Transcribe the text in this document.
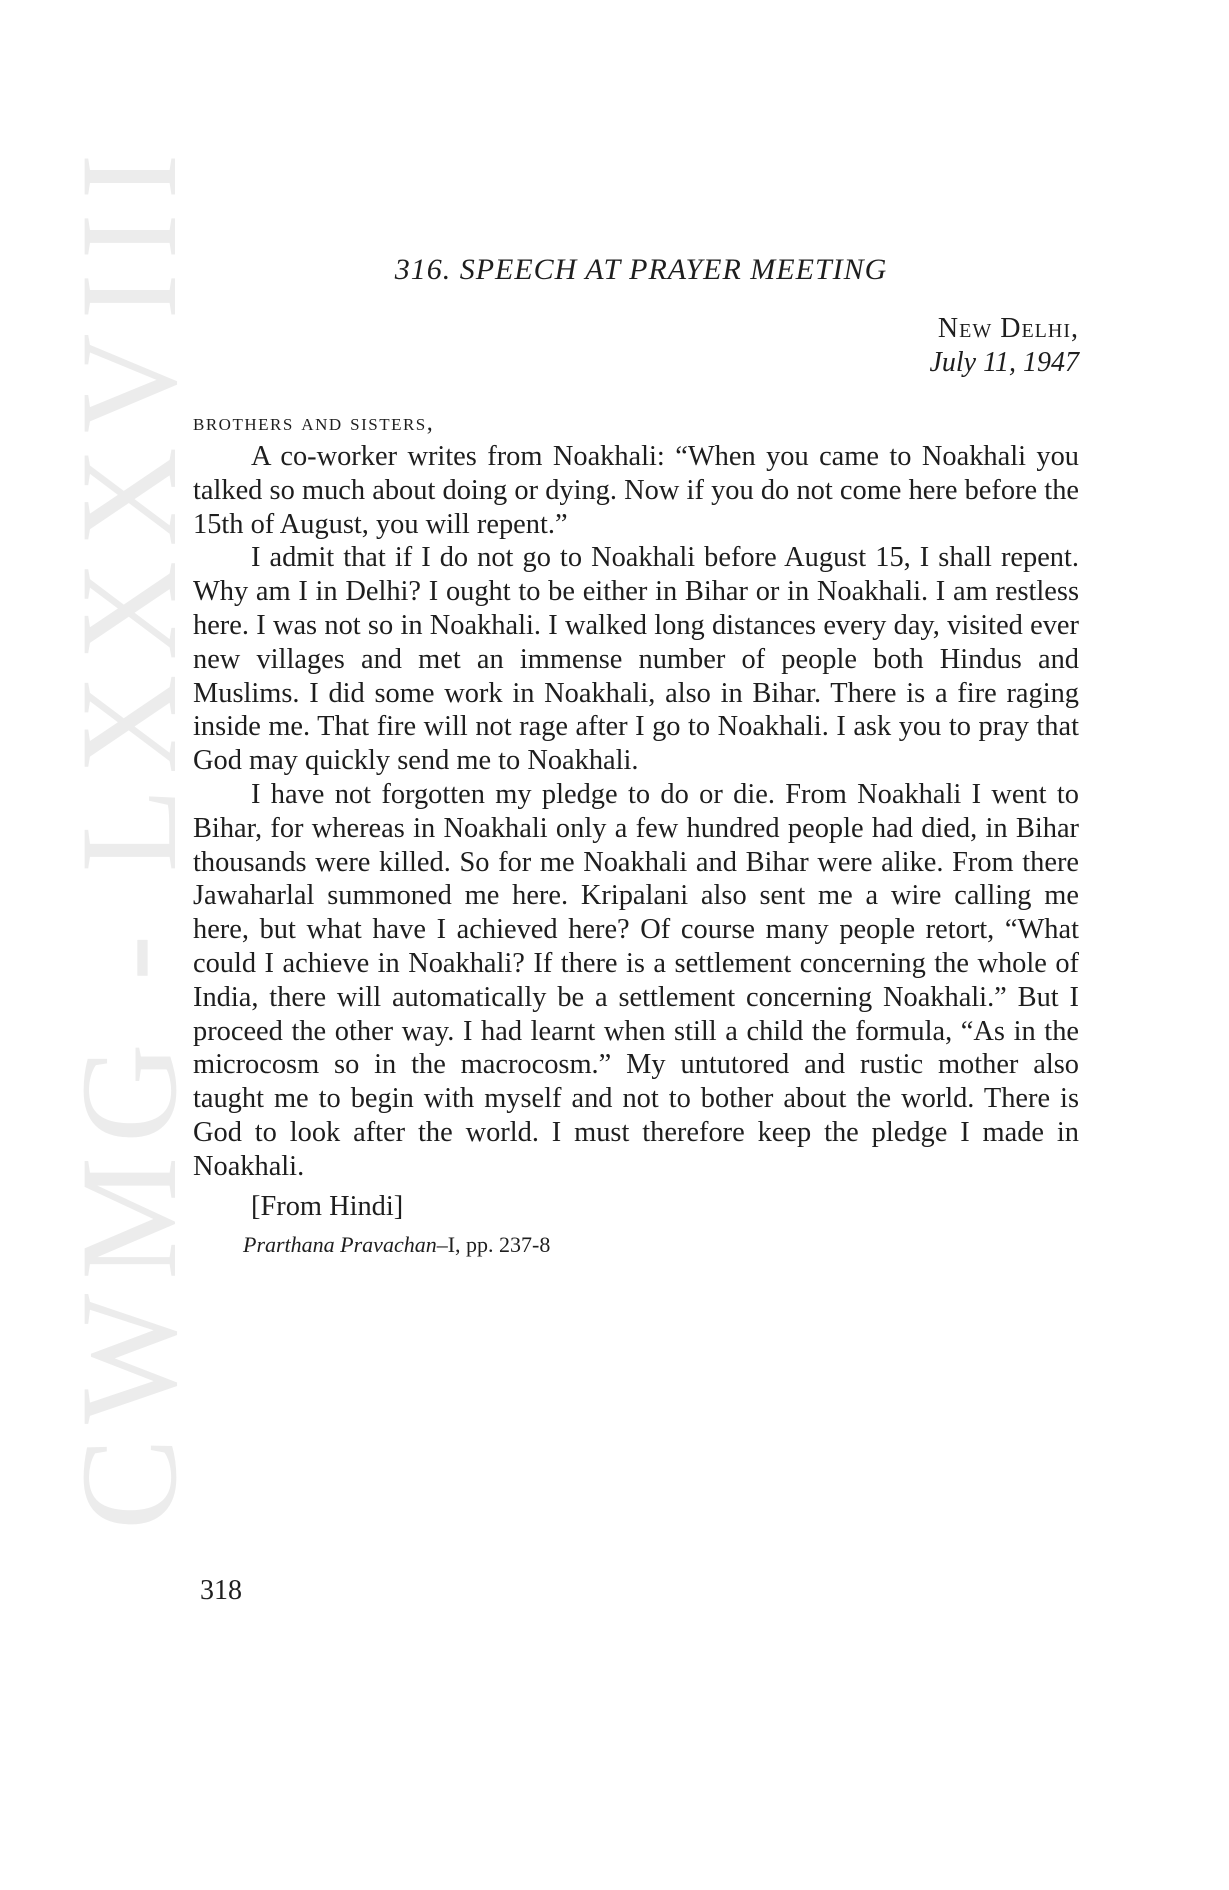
CWMG - LXXXVIII	316. SPEECH AT PRAYER MEETING
New Delhi,
July 11, 1947
brothers and sisters,

A co-worker writes from Noakhali: “When you came to Noakhali you talked so much about doing or dying. Now if you do not come here before the 15th of August, you will repent.”

I admit that if I do not go to Noakhali before August 15, I shall repent. Why am I in Delhi? I ought to be either in Bihar or in Noakhali. I am restless here. I was not so in Noakhali. I walked long distances every day, visited ever new villages and met an immense number of people both Hindus and Muslims. I did some work in Noakhali, also in Bihar. There is a fire raging inside me. That fire will not rage after I go to Noakhali. I ask you to pray that God may quickly send me to Noakhali.

I have not forgotten my pledge to do or die. From Noakhali I went to Bihar, for whereas in Noakhali only a few hundred people had died, in Bihar thousands were killed. So for me Noakhali and Bihar were alike. From there Jawaharlal summoned me here. Kripalani also sent me a wire calling me here, but what have I achieved here? Of course many people retort, “What could I achieve in Noakhali? If there is a settlement concerning the whole of India, there will automatically be a settlement concerning Noakhali.” But I proceed the other way. I had learnt when still a child the formula, “As in the microcosm so in the macrocosm.” My untutored and rustic mother also taught me to begin with myself and not to bother about the world. There is God to look after the world. I must therefore keep the pledge I made in Noakhali.

[From Hindi]
Prarthana Pravachan–I, pp. 237-8
318
